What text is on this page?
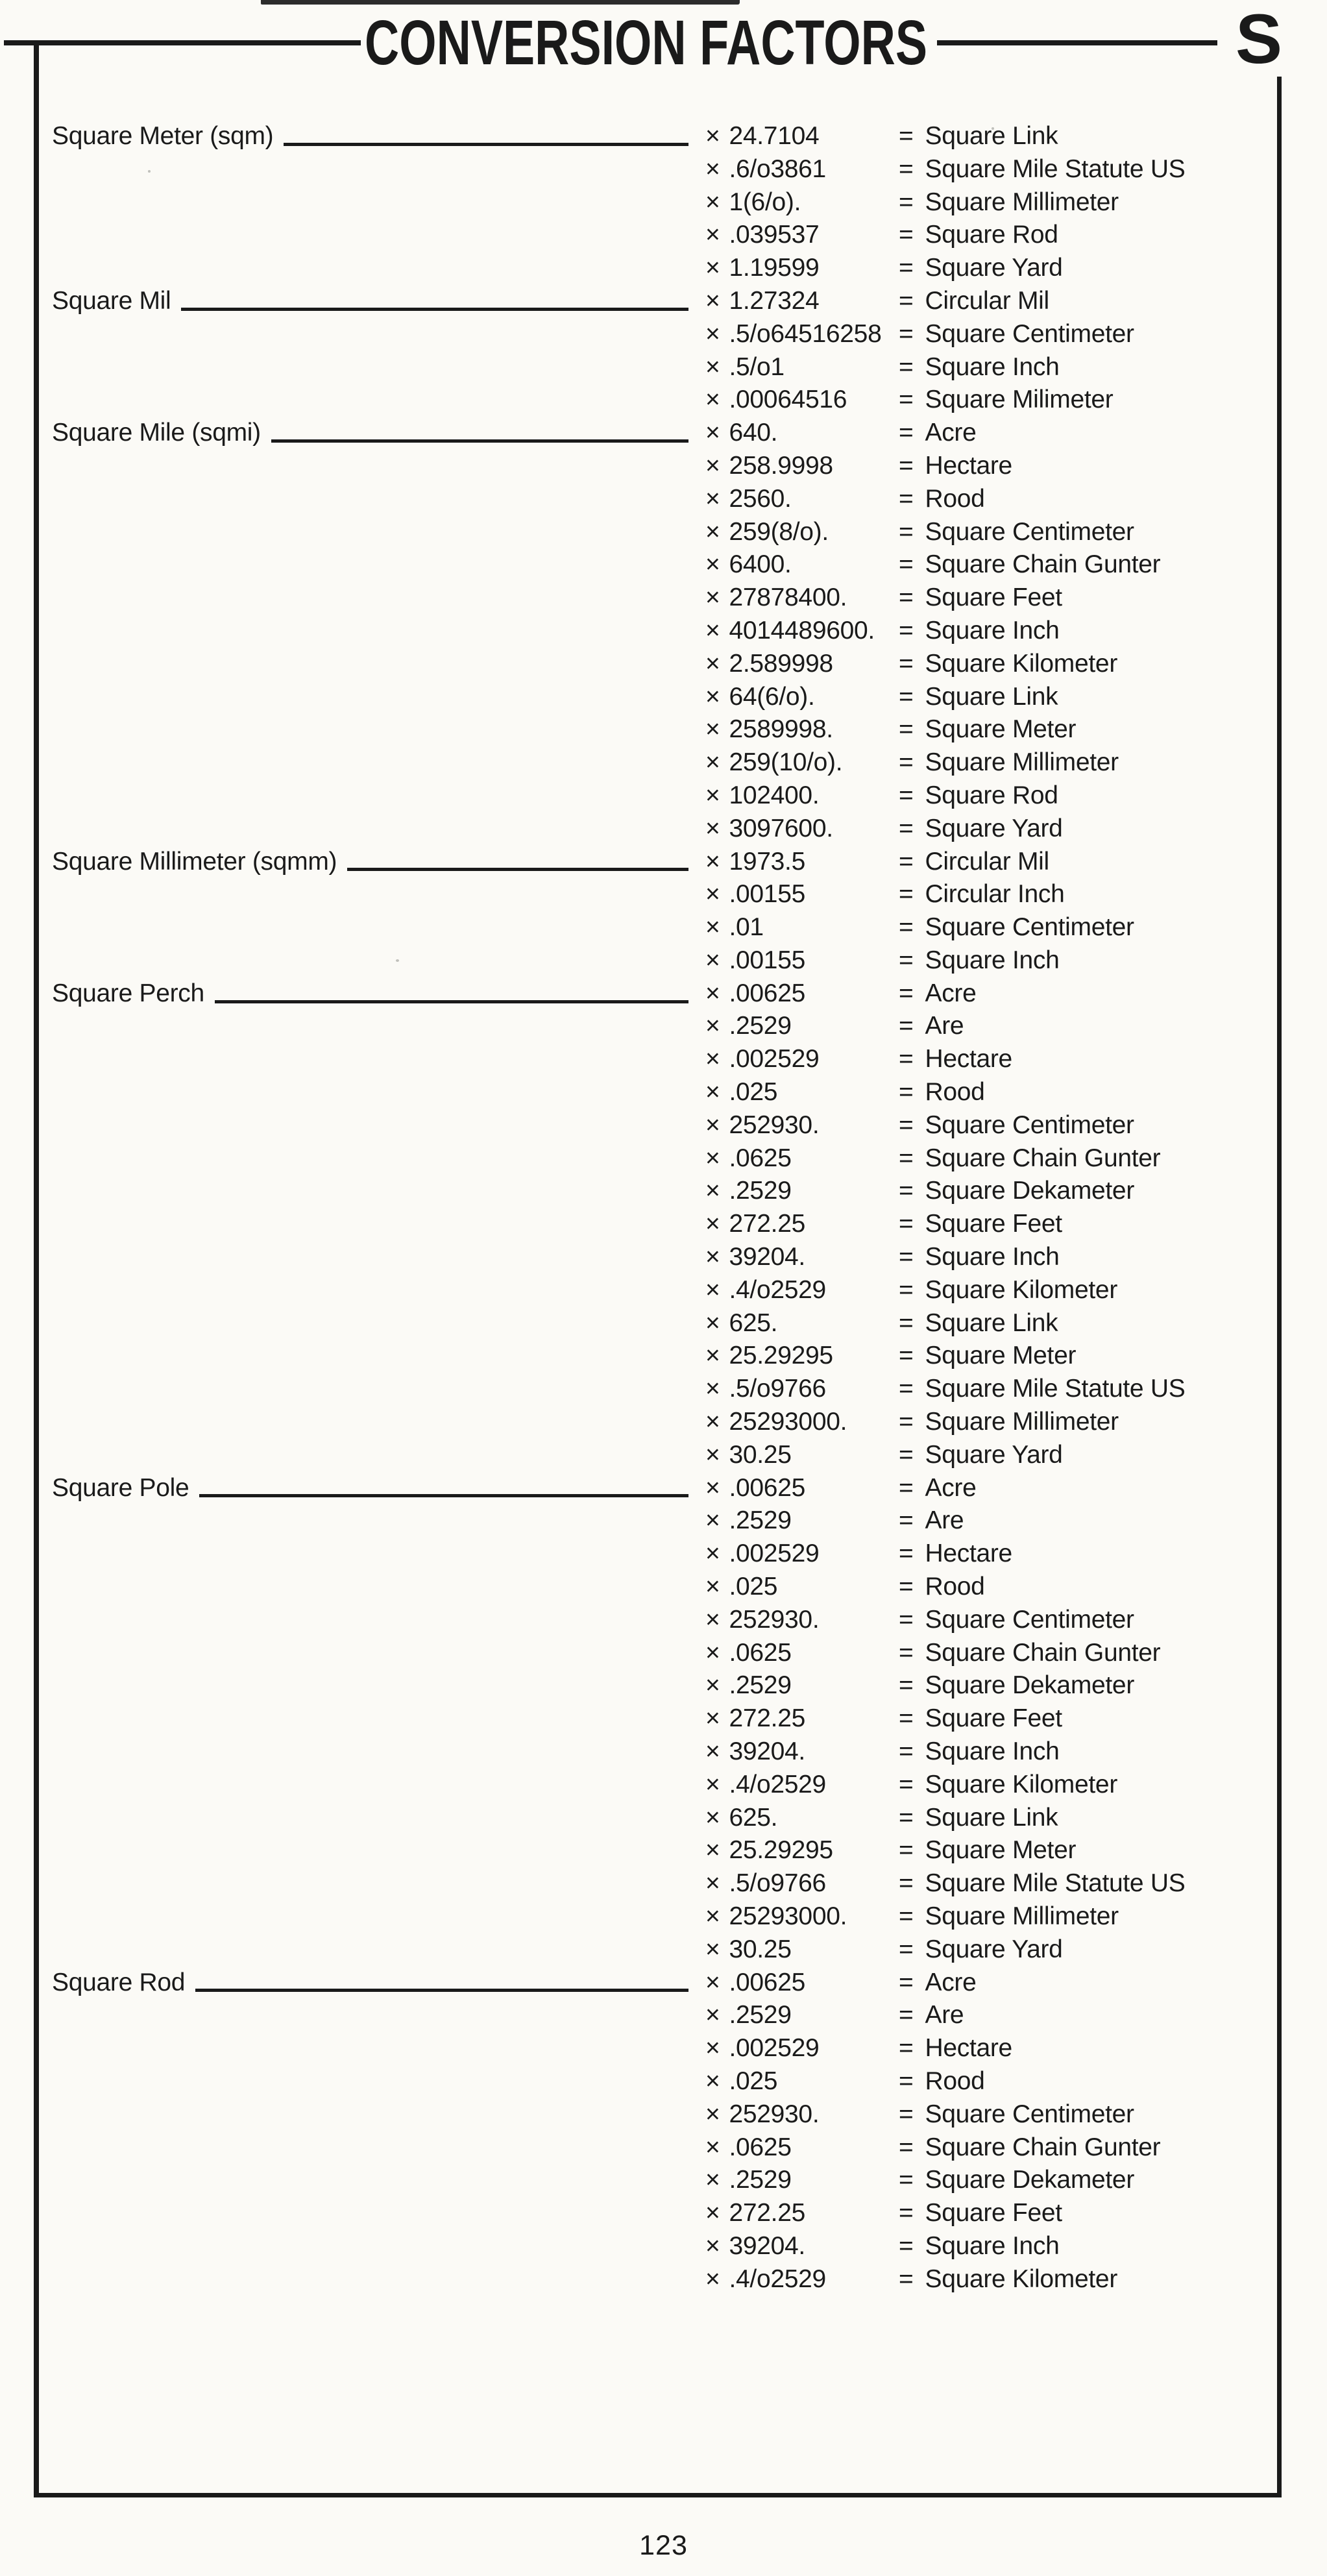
CONVERSION FACTORS	S
Square Meter (sqm)	× 24.7104	= Square Link
× .6/o3861	= Square Mile Statute US
× 1(6/o).	= Square Millimeter
× .039537	= Square Rod
× 1.19599	= Square Yard
Square Mil	× 1.27324	= Circular Mil
× .5/o64516258 = Square Centimeter
× .5/o1	= Square Inch
× .00064516 = Square Milimeter
Square Mile (sqmi)	× 640.	= Acre
× 258.9998	= Hectare
× 2560.	= Rood
× 259(8/o).	= Square Centimeter
× 6400.	= Square Chain Gunter
× 27878400. = Square Feet
× 4014489600. = Square Inch
× 2.589998	= Square Kilometer
× 64(6/o).	= Square Link
× 2589998.	= Square Meter
× 259(10/o). = Square Millimeter
× 102400.	= Square Rod
× 3097600.	= Square Yard
Square Millimeter (sqmm)	× 1973.5	= Circular Mil
× .00155	= Circular Inch
× .01	= Square Centimeter
× .00155	= Square Inch
Square Perch	× .00625	= Acre
× .2529	= Are
× .002529	= Hectare
× .025	= Rood
× 252930.	= Square Centimeter
× .0625	= Square Chain Gunter
× .2529	= Square Dekameter
× 272.25	= Square Feet
× 39204.	= Square Inch
× .4/o2529	= Square Kilometer
× 625.	= Square Link
× 25.29295	= Square Meter
× .5/o9766	= Square Mile Statute US
× 25293000. = Square Millimeter
× 30.25	= Square Yard
Square Pole	× .00625	= Acre
× .2529	= Are
× .002529	= Hectare
× .025	= Rood
× 252930.	= Square Centimeter
× .0625	= Square Chain Gunter
× .2529	= Square Dekameter
× 272.25	= Square Feet
× 39204.	= Square Inch
× .4/o2529	= Square Kilometer
× 625.	= Square Link
× 25.29295	= Square Meter
× .5/o9766	= Square Mile Statute US
× 25293000. = Square Millimeter
× 30.25	= Square Yard
Square Rod	× .00625	= Acre
× .2529	= Are
× .002529	= Hectare
× .025	= Rood
× 252930.	= Square Centimeter
× .0625	= Square Chain Gunter
× .2529	= Square Dekameter
× 272.25	= Square Feet
× 39204.	= Square Inch
× .4/o2529	= Square Kilometer
123
